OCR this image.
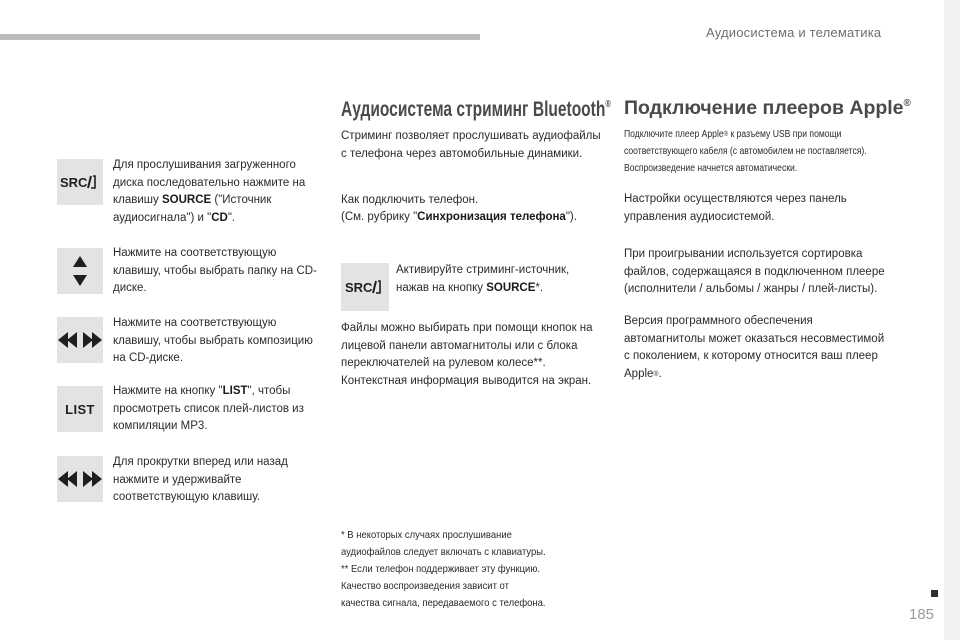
Аудиосистема и телематика
185
SRC
Для прослушивания загруженного диска последовательно нажмите на клавишу SOURCE ("Источник аудиосигнала") и "CD".
Нажмите на соответствующую клавишу, чтобы выбрать папку на CD-диске.
Нажмите на соответствующую клавишу, чтобы выбрать композицию на CD-диске.
LIST
Нажмите на кнопку "LIST", чтобы просмотреть список плей-листов из компиляции MP3.
Для прокрутки вперед или назад нажмите и удерживайте соответствующую клавишу.
Аудиосистема стриминг Bluetooth®
Стриминг позволяет прослушивать аудиофайлы с телефона через автомобильные динамики.
Как подключить телефон.
(См. рубрику "Синхронизация телефона").
SRC
Активируйте стриминг-источник, нажав на кнопку SOURCE*.
Файлы можно выбирать при помощи кнопок на лицевой панели автомагнитолы или с блока переключателей на рулевом колесе**. Контекстная информация выводится на экран.
* В некоторых случаях прослушивание
аудиофайлов следует включать с клавиатуры.
** Если телефон поддерживает эту функцию.
Качество воспроизведения зависит от
качества сигнала, передаваемого с телефона.
Подключение плееров Apple®
Подключите плеер Apple® к разъему USB при помощи
соответствующего кабеля (с автомобилем не поставляется).
Воспроизведение начнется автоматически.
Настройки осуществляются через панель управления аудиосистемой.
При проигрывании используется сортировка файлов, содержащаяся в подключенном плеере (исполнители / альбомы / жанры / плей-листы).
Версия программного обеспечения автомагнитолы может оказаться несовместимой с поколением, к которому относится ваш плеер Apple®.
